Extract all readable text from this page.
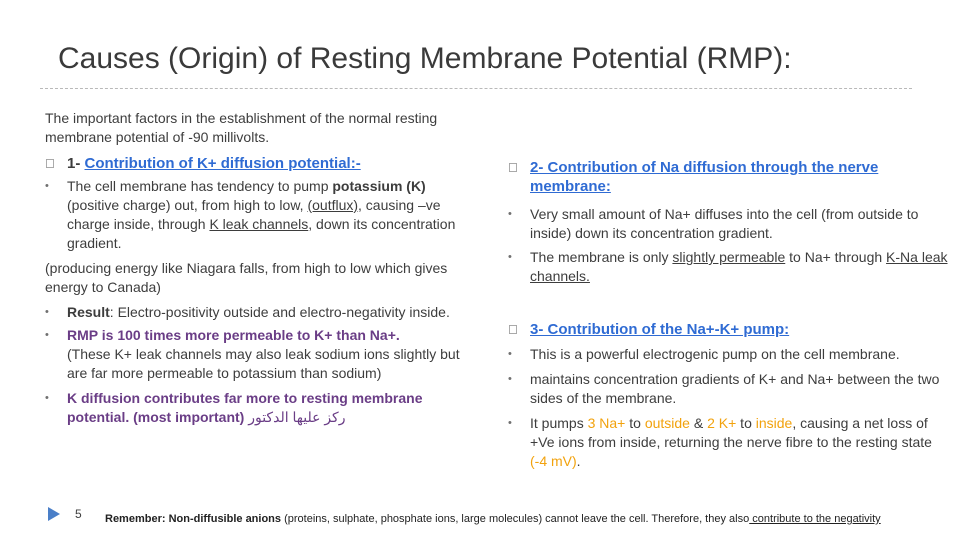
Causes (Origin) of Resting Membrane Potential (RMP):
The important factors in the establishment of the normal resting membrane potential of -90 millivolts.

1- Contribution of K+ diffusion potential:-

• The cell membrane has tendency to pump potassium (K) (positive charge) out, from high to low, (outflux), causing –ve charge inside, through K leak channels, down its concentration gradient.

(producing energy like Niagara falls, from high to low which gives energy to Canada)

• Result: Electro-positivity outside and electro-negativity inside.

• RMP is 100 times more permeable to K+ than Na+.
(These K+ leak channels may also leak sodium ions slightly but are far more permeable to potassium than sodium)

• K diffusion contributes far more to resting membrane potential. (most important) ركز عليها الدكتور

2- Contribution of Na diffusion through the nerve membrane:

• Very small amount of Na+ diffuses into the cell (from outside to inside) down its concentration gradient.

• The membrane is only slightly permeable to Na+ through K-Na leak channels.

3- Contribution of the Na+-K+ pump:

• This is a powerful electrogenic pump on the cell membrane.

• maintains concentration gradients of K+ and Na+ between the two sides of the membrane.

• It pumps 3 Na+ to outside & 2 K+ to inside, causing a net loss of +Ve ions from inside, returning the nerve fibre to the resting state (-4 mV).

5 Remember: Non-diffusible anions (proteins, sulphate, phosphate ions, large molecules) cannot leave the cell. Therefore, they also contribute to the negativity
